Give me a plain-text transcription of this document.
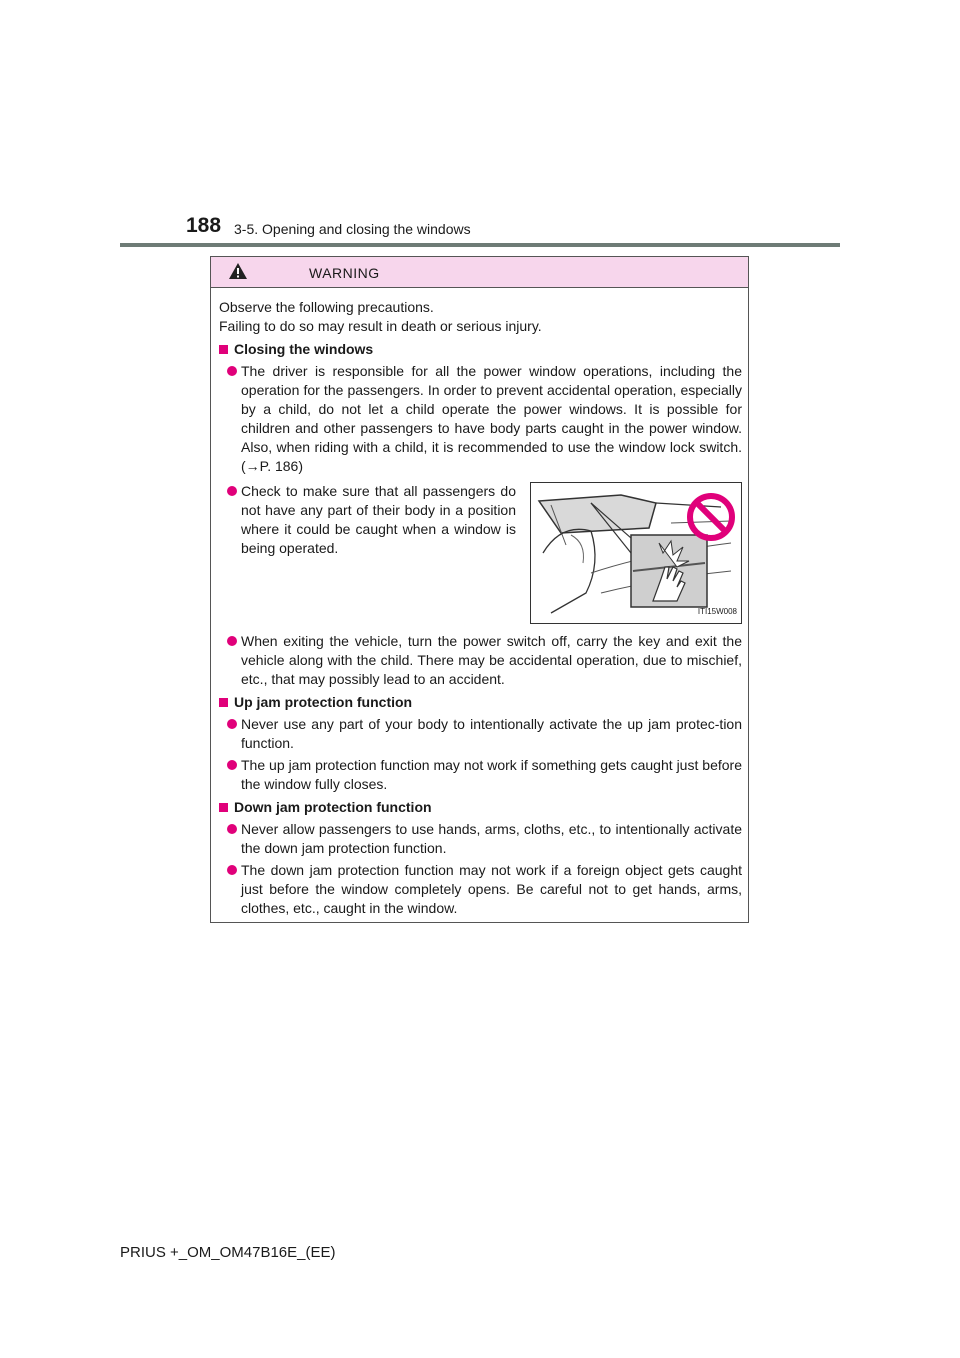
188 3-5. Opening and closing the windows
WARNING

Observe the following precautions.

Failing to do so may result in death or serious injury.

Closing the windows
The driver is responsible for all the power window operations, including the operation for the passengers. In order to prevent accidental operation, especially by a child, do not let a child operate the power windows. It is possible for children and other passengers to have body parts caught in the power window. Also, when riding with a child, it is recommended to use the window lock switch. (→P. 186)
Check to make sure that all passengers do not have any part of their body in a position where it could be caught when a window is being operated.
ITI15W008
When exiting the vehicle, turn the power switch off, carry the key and exit the vehicle along with the child. There may be accidental operation, due to mischief, etc., that may possibly lead to an accident.
Up jam protection function
Never use any part of your body to intentionally activate the up jam protec-tion function.
The up jam protection function may not work if something gets caught just before the window fully closes.
Down jam protection function
Never allow passengers to use hands, arms, cloths, etc., to intentionally activate the down jam protection function.
The down jam protection function may not work if a foreign object gets caught just before the window completely opens. Be careful not to get hands, arms, clothes, etc., caught in the window.
PRIUS +_OM_OM47B16E_(EE)
